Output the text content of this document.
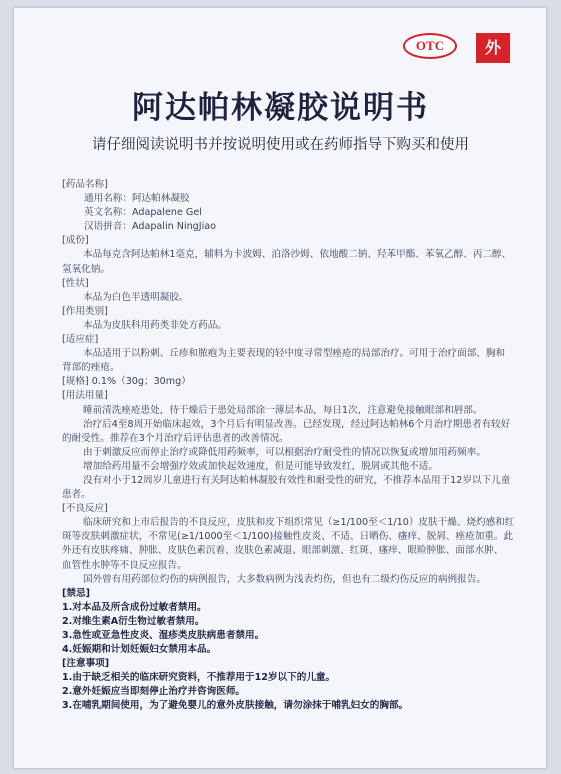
OTC	外
阿达帕林凝胶说明书

请仔细阅读说明书并按说明使用或在药师指导下购买和使用

[药品名称]

通用名称：阿达帕林凝胶

英文名称：Adapalene Gel

汉语拼音：Adapalin NingJiao

[成份]

本品每克含阿达帕林1毫克，辅料为卡波姆、泊洛沙姆、依地酸二钠、羟苯甲酯、苯氧乙醇、丙二醇、

氢氧化钠。

[性状]

本品为白色半透明凝胶。

[作用类别]

本品为皮肤科用药类非处方药品。

[适应症]

本品适用于以粉刺、丘疹和脓疱为主要表现的轻中度寻常型痤疮的局部治疗。可用于治疗面部、胸和

背部的痤疮。

[规格] 0.1%（30g；30mg）

[用法用量]

睡前清洗痤疮患处，待干燥后于患处局部涂一薄层本品，每日1次，注意避免接触眼部和唇部。

治疗后4至8周开始临床起效，3个月后有明显改善。已经发现，经过阿达帕林6个月治疗期患者有较好

的耐受性。推荐在3个月治疗后评估患者的改善情况。

由于刺激反应而停止治疗或降低用药频率，可以根据治疗耐受性的情况以恢复或增加用药频率。

增加给药用量不会增强疗效或加快起效速度，但是可能导致发红，脱屑或其他不适。

没有对小于12周岁儿童进行有关阿达帕林凝胶有效性和耐受性的研究，不推荐本品用于12岁以下儿童

患者。

[不良反应]

临床研究和上市后报告的不良反应，皮肤和皮下组织常见（≥1/100至＜1/10）皮肤干燥、烧灼感和红

斑等皮肤刺激症状，不常见(≥1/1000至＜1/100)接触性皮炎、不适、日晒伤、瘙痒、脱屑、痤疮加重。此

外还有皮肤疼痛、肿胀、皮肤色素沉着、皮肤色素减退、眼部刺激、红斑、瘙痒、眼睑肿胀、面部水肿、

血管性水肿等不良反应报告。

国外曾有用药部位灼伤的病例报告，大多数病例为浅表灼伤，但也有二级灼伤反应的病例报告。

[禁忌]

1.对本品及所含成份过敏者禁用。

2.对维生素A衍生物过敏者禁用。

3.急性或亚急性皮炎、湿疹类皮肤病患者禁用。

4.妊娠期和计划妊娠妇女禁用本品。

[注意事项]

1.由于缺乏相关的临床研究资料，不推荐用于12岁以下的儿童。

2.意外妊娠应当即刻停止治疗并咨询医师。

3.在哺乳期间使用，为了避免婴儿的意外皮肤接触，请勿涂抹于哺乳妇女的胸部。
